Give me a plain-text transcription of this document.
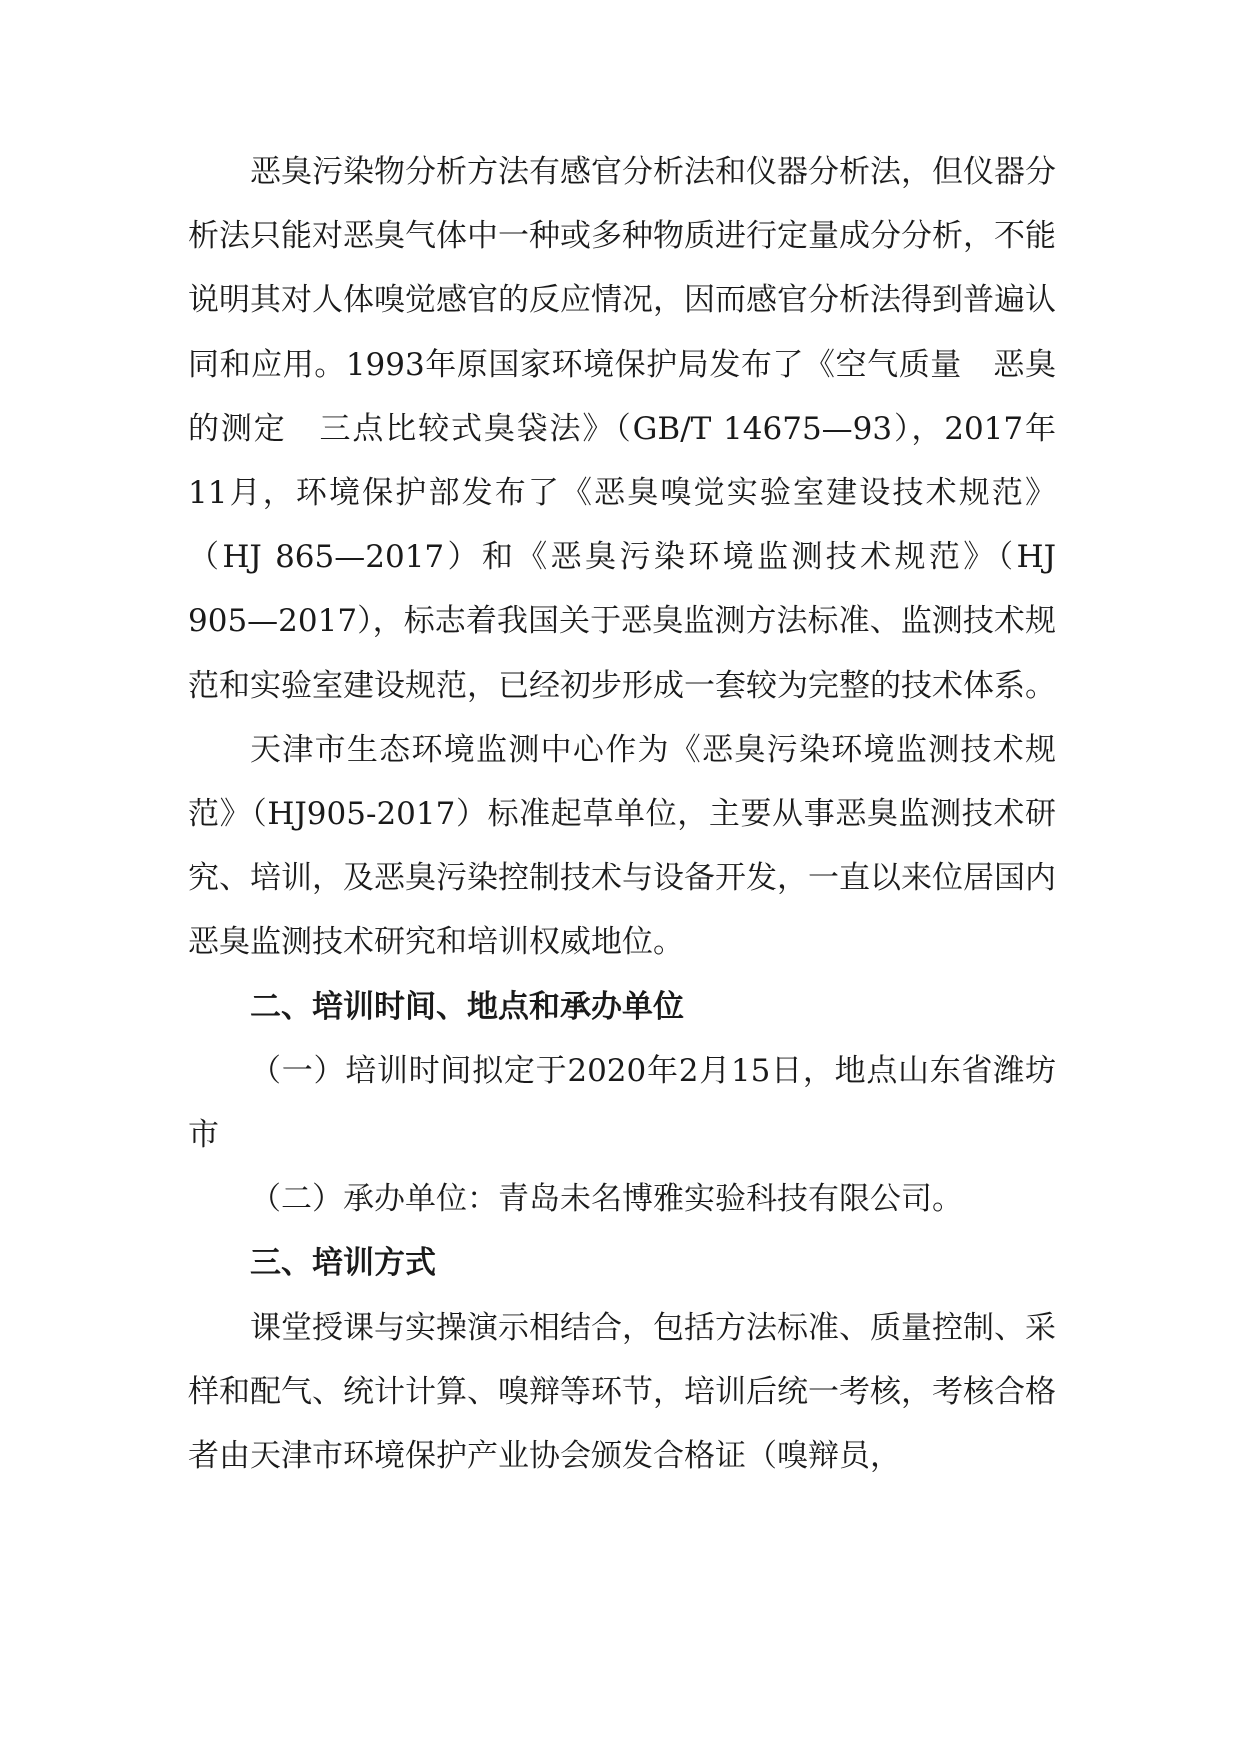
恶臭污染物分析方法有感官分析法和仪器分析法，但仪器分析法只能对恶臭气体中一种或多种物质进行定量成分分析，不能说明其对人体嗅觉感官的反应情况，因而感官分析法得到普遍认同和应用。1993年原国家环境保护局发布了《空气质量　恶臭的测定　三点比较式臭袋法》（GB/T 14675—93），2017年11月，环境保护部发布了《恶臭嗅觉实验室建设技术规范》（HJ 865—2017）和《恶臭污染环境监测技术规范》（HJ 905—2017），标志着我国关于恶臭监测方法标准、监测技术规范和实验室建设规范，已经初步形成一套较为完整的技术体系。

天津市生态环境监测中心作为《恶臭污染环境监测技术规范》（HJ905-2017）标准起草单位，主要从事恶臭监测技术研究、培训，及恶臭污染控制技术与设备开发，一直以来位居国内恶臭监测技术研究和培训权威地位。

二、培训时间、地点和承办单位

（一）培训时间拟定于2020年2月15日，地点山东省潍坊市

（二）承办单位：青岛未名博雅实验科技有限公司。

三、培训方式

课堂授课与实操演示相结合，包括方法标准、质量控制、采样和配气、统计计算、嗅辩等环节，培训后统一考核，考核合格者由天津市环境保护产业协会颁发合格证（嗅辩员，
